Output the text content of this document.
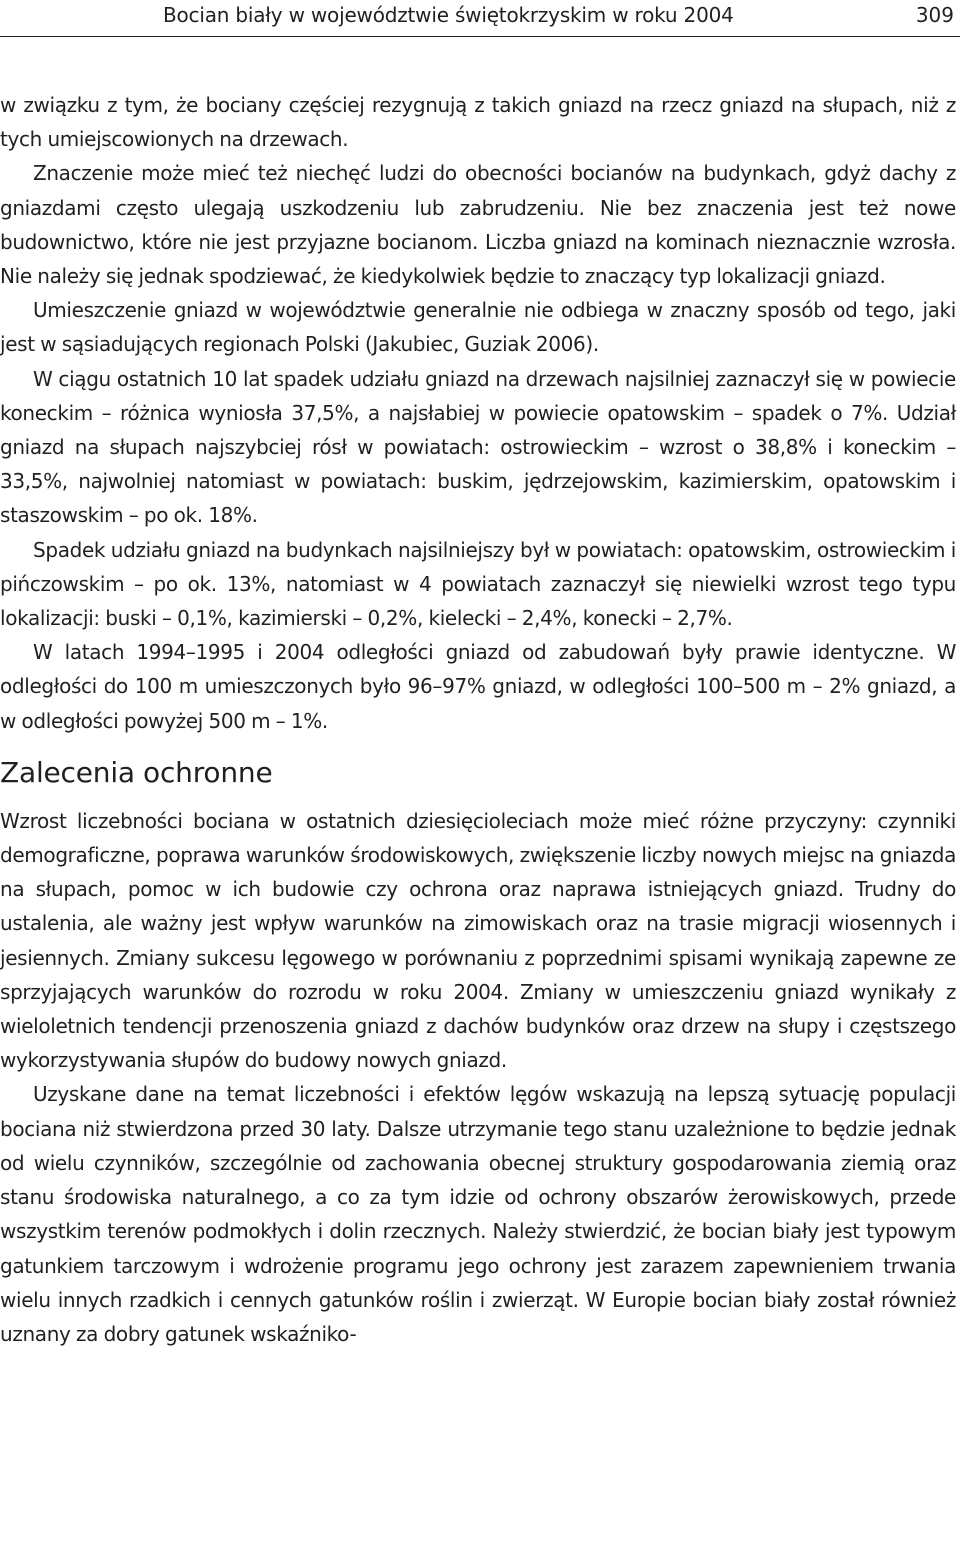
Bocian biały w województwie świętokrzyskim w roku 2004	309

w związku z tym, że bociany częściej rezygnują z takich gniazd na rzecz gniazd na słupach, niż z tych umiejscowionych na drzewach.

Znaczenie może mieć też niechęć ludzi do obecności bocianów na budynkach, gdyż dachy z gniazdami często ulegają uszkodzeniu lub zabrudzeniu. Nie bez znaczenia jest też nowe budownictwo, które nie jest przyjazne bocianom. Liczba gniazd na kominach nieznacznie wzrosła. Nie należy się jednak spodziewać, że kiedykolwiek będzie to znaczący typ lokalizacji gniazd.

Umieszczenie gniazd w województwie generalnie nie odbiega w znaczny sposób od tego, jaki jest w sąsiadujących regionach Polski (Jakubiec, Guziak 2006).

W ciągu ostatnich 10 lat spadek udziału gniazd na drzewach najsilniej zaznaczył się w powiecie koneckim – różnica wyniosła 37,5%, a najsłabiej w powiecie opatowskim – spadek o 7%. Udział gniazd na słupach najszybciej rósł w powiatach: ostrowieckim – wzrost o 38,8% i koneckim – 33,5%, najwolniej natomiast w powiatach: buskim, jędrzejowskim, kazimierskim, opatowskim i staszowskim – po ok. 18%.

Spadek udziału gniazd na budynkach najsilniejszy był w powiatach: opatowskim, ostrowieckim i pińczowskim – po ok. 13%, natomiast w 4 powiatach zaznaczył się niewielki wzrost tego typu lokalizacji: buski – 0,1%, kazimierski – 0,2%, kielecki – 2,4%, konecki – 2,7%.

W latach 1994–1995 i 2004 odległości gniazd od zabudowań były prawie identyczne. W odległości do 100 m umieszczonych było 96–97% gniazd, w odległości 100–500 m – 2% gniazd, a w odległości powyżej 500 m – 1%.

Zalecenia ochronne

Wzrost liczebności bociana w ostatnich dziesięcioleciach może mieć różne przyczyny: czynniki demograficzne, poprawa warunków środowiskowych, zwiększenie liczby nowych miejsc na gniazda na słupach, pomoc w ich budowie czy ochrona oraz naprawa istniejących gniazd. Trudny do ustalenia, ale ważny jest wpływ warunków na zimowiskach oraz na trasie migracji wiosennych i jesiennych. Zmiany sukcesu lęgowego w porównaniu z poprzednimi spisami wynikają zapewne ze sprzyjających warunków do rozrodu w roku 2004. Zmiany w umieszczeniu gniazd wynikały z wieloletnich tendencji przenoszenia gniazd z dachów budynków oraz drzew na słupy i częstszego wykorzystywania słupów do budowy nowych gniazd.

Uzyskane dane na temat liczebności i efektów lęgów wskazują na lepszą sytuację populacji bociana niż stwierdzona przed 30 laty. Dalsze utrzymanie tego stanu uzależnione to będzie jednak od wielu czynników, szczególnie od zachowania obecnej struktury gospodarowania ziemią oraz stanu środowiska naturalnego, a co za tym idzie od ochrony obszarów żerowiskowych, przede wszystkim terenów podmokłych i dolin rzecznych. Należy stwierdzić, że bocian biały jest typowym gatunkiem tarczowym i wdrożenie programu jego ochrony jest zarazem zapewnieniem trwania wielu innych rzadkich i cennych gatunków roślin i zwierząt. W Europie bocian biały został również uznany za dobry gatunek wskaźniko-
